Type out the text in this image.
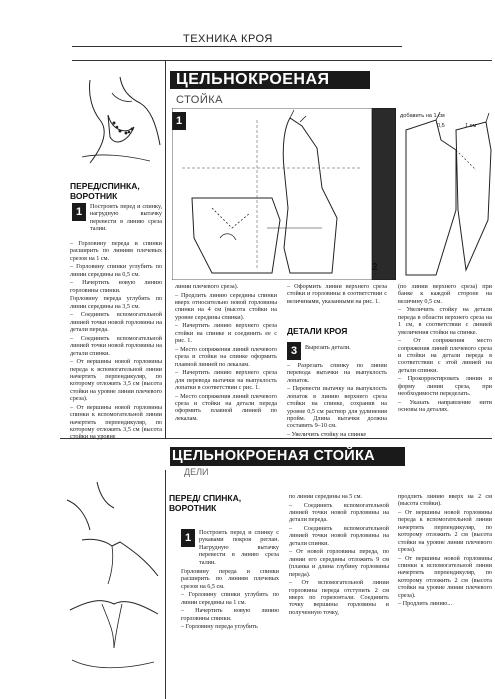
ТЕХНИКА КРОЯ
ЦЕЛЬНОКРОЕНАЯ
СТОЙКА
ПЕРЕД/СПИНКА, ВОРОТНИК
1	Построить перед и спинку, нагрудную вытачку перевести в линию среза талии.

– Горловину переда и спинки расширить по линиям плечевых срезов на 1 см.

– Горловину спинки углубить по линии середины на 0,5 см.

– Начертить новую линию горловины спинки.

Горловину переда углубить по линии середины на 3,5 см.

– Соединить вспомогательной линией точки новой горловины на детали переда.

– Соединить вспомогательной линией точки новой горловины на детали спинки.

– От вершины новой горловины переда к вспомогательной линии начертить перпендикуляр, по которому отложить 3,5 см (высота стойки на уровне линии плечевого среза).

– От вершины новой горловины спинки к вспомогательной линии начертить перпендикуляр, по которому отложить 3,5 см (высота стойки на уровне

1
2
добавить на 1 см
0,5	1 см

линии плечевого среза).

– Продлить линию середины спинки вверх относительно новой горловины спинки на 4 см (высота стойки на уровне середины спинки).

– Начертить линию верхнего среза стойки на спинке и соединить ее с рис. 1.

– Место сопряжения линий плечевого среза и стойки на спинке оформить плавной линией по лекалам.

– Начертить линию верхнего среза для перевода вытачки на выпуклость лопатки в соответствии с рис. 1.

– Место сопряжения линий плечевого среза и стойки на детали переда оформить плавной линией по лекалам.

– Оформить линии верхнего среза стойки и горловины в соответствии с величинами, указанными на рис. 1.

ДЕТАЛИ КРОЯ
3	Вырезать детали.

– Разрезать спинку по линии перевода вытачки на выпуклость лопаток.

– Перевести вытачку на выпуклость лопаток в линию верхнего среза стойки на спинке, сохранив на уровне 0,5 см раствор для удлинения пройм. Длина вытачки должна составить 9–10 см.

– Увеличить стойку на спинке

(по линии верхнего среза) при банке к каждой стороне на величину 0,5 см.

– Увеличить стойку на детали переда в области верхнего среза на 1 см, в соответствии с линией увеличения стойки на спинке.

– От сопряжения место сопряжения линий плечевого среза и стойки на детали переда в соответствии с этой линией на детали спинки.

– Прокорректировать линии и форму линии среза, при необходимости переделать.

– Указать направление нити основы на деталях.

ЦЕЛЬНОКРОЕНАЯ СТОЙКА
ДЕЛИ
ПЕРЕД/ СПИНКА, ВОРОТНИК
1	Построить перед и спинку с рукавами покроя реглан. Нагрудную вытачку перевести в линию среза талии.

Горловину переда и спинки расширить по линиям плечевых срезов на 6,5 см.

– Горловину спинки углубить по линии середины на 1 см.

– Начертить новую линию горловины спинки.

– Горловину переда углубить

по линии середины на 5 см.

– Соединить вспомогательной линией точки новой горловины на детали переда.

– Соединить вспомогательной линией точки новой горловины на детали спинки.

– От новой горловины переда, по линии его середины отложить 9 см (планка и длина глубину горловины переда).

– От вспомогательной линии горловины переда отступить 2 см вверх по горизонтали. Соединить точку вершины горловины и полученную точку,

продлить линию вверх на 2 см (высота стойки).

– От вершины новой горловины переда к вспомогательной линии начертить перпендикуляр, по которому отложить 2 см (высота стойки на уровне линии плечевого среза).

– От вершины новой горловины спинки к вспомогательной линии начертить перпендикуляр, по которому отложить 2 см (высота стойки на уровне линии плечевого среза).

– Продлить линию...
